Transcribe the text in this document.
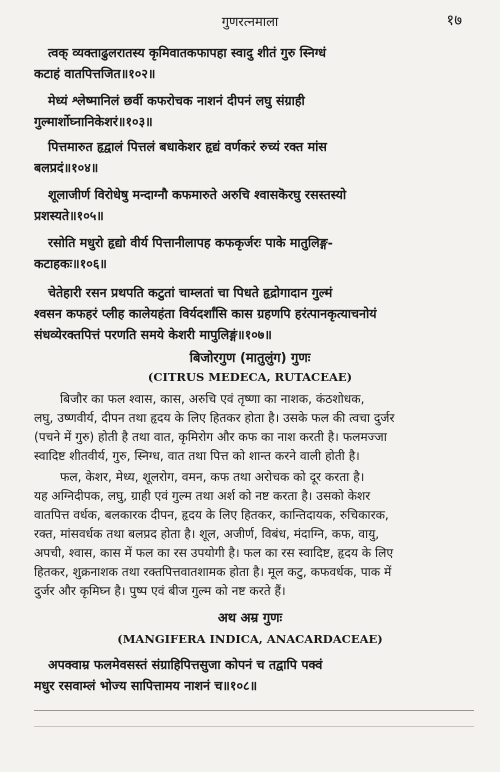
गुणरत्नमाला	१७
त्वक् व्यक्ताढुलरातस्य कृमिवातकफापहा स्वादु शीतं गुरु स्निग्धं
कटाहं वातपित्तजित॥१०२॥
मेध्यं श्लेष्मानिलं छर्वी कफरोचक नाशनं दीपनं लघु संग्राही
गुल्मार्शोघ्नानिकेशरं॥१०३॥
पित्तमारुत हृद्वालं पित्तलं बधाकेशर हृद्यं वर्णकरं रुच्यं रक्त मांस
बलप्रदं॥१०४॥
शूलाजीर्ण विरोधेषु मन्दाग्नौ कफमारुते अरुचि श्वासकॆरघु रसस्तस्यो
प्रशस्यते॥१०५॥
रसोति मधुरो हृद्यो वीर्य पित्तानीलापह कफकृर्जरः पाके मातुलिङ्ग-
कटाहकः॥१०६॥
चेतेहारी रसन प्रथपति कटुतां चाम्लतां चा पिधते हृद्रोगादान गुल्मं
श्वसन कफहरं प्लीह कालेयहंता विर्यदर्शांसि कास ग्रहणपि हरंत्पानकृत्याचनोयं
संधव्येरक्तपित्तं परणति समये केशरी मापुलिङ्गं॥१०७॥
बिजोरगुण (मातुलुंग) गुणः
(CITRUS MEDECA, RUTACEAE)
बिजौर का फल श्वास, कास, अरुचि एवं तृष्णा का नाशक, कंठशोधक,
लघु, उष्णवीर्य, दीपन तथा हृदय के लिए हितकर होता है। उसके फल की त्वचा दुर्जर
(पचने में गुरु) होती है तथा वात, कृमिरोग और कफ का नाश करती है। फलमज्जा
स्वादिष्ट शीतवीर्य, गुरु, स्निग्ध, वात तथा पित्त को शान्त करने वाली होती है।
फल, केशर, मेध्य, शूलरोग, वमन, कफ तथा अरोचक को दूर करता है।
यह अग्निदीपक, लघु, ग्राही एवं गुल्म तथा अर्श को नष्ट करता है। उसको केशर
वातपित्त वर्धक, बलकारक दीपन, हृदय के लिए हितकर, कान्तिदायक, रुचिकारक,
रक्त, मांसवर्धक तथा बलप्रद होता है। शूल, अजीर्ण, विबंध, मंदाग्नि, कफ, वायु,
अपची, श्वास, कास में फल का रस उपयोगी है। फल का रस स्वादिष्ट, हृदय के लिए
हितकर, शुक्रनाशक तथा रक्तपित्तवातशामक होता है। मूल कटु, कफवर्धक, पाक में
दुर्जर और कृमिघ्न है। पुष्प एवं बीज गुल्म को नष्ट करते हैं।
अथ अम्र गुणः
(MANGIFERA INDICA, ANACARDACEAE)
अपक्वाम्र फलमेवसस्तं संग्राहिपित्तसुजा कोपनं च तद्वापि पक्वं
मधुर रसवाम्लं भोज्य सापित्तामय नाशनं च॥१०८॥
